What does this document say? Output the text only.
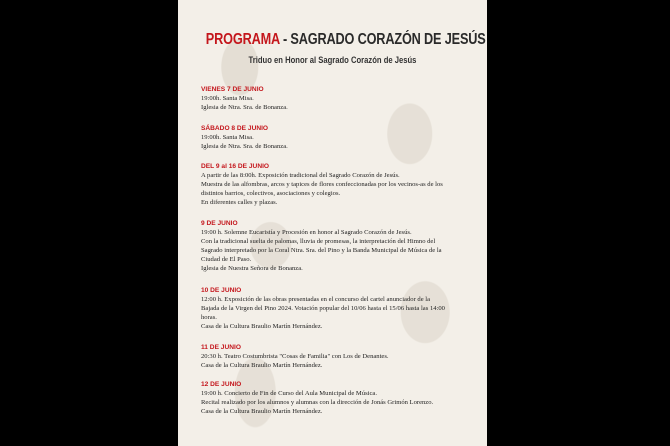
PROGRAMA - SAGRADO CORAZÓN DE JESÚS
Triduo en Honor al Sagrado Corazón de Jesús
VIENES 7 DE JUNIO
19:00h. Santa Misa.
Iglesia de Ntra. Sra. de Bonanza.
SÁBADO 8 DE JUNIO
19:00h. Santa Misa.
Iglesia de Ntra. Sra. de Bonanza.
DEL 9 al 16 DE JUNIO
A partir de las 8:00h. Exposición tradicional del Sagrado Corazón de Jesús.
Muestra de las alfombras, arcos y tapices de flores confeccionadas por los vecinos-as de los
distintos barrios, colectivos, asociaciones y colegios.
En diferentes calles y plazas.
9 DE JUNIO
19:00 h. Solemne Eucaristía y Procesión en honor al Sagrado Corazón de Jesús.
Con la tradicional suelta de palomas, lluvia de promesas, la interpretación del Himno del
Sagrado interpretado por la Coral Ntra. Sra. del Pino y la Banda Municipal de Música de la
Ciudad de El Paso.
Iglesia de Nuestra Señora de Bonanza.
10 DE JUNIO
12:00 h. Exposición de las obras presentadas en el concurso del cartel anunciador de la
Bajada de la Virgen del Pino 2024. Votación popular del 10/06 hasta el 15/06 hasta las 14:00
horas.
Casa de la Cultura Braulio Martín Hernández.
11 DE JUNIO
20:30 h. Teatro Costumbrista "Cosas de Familia" con Los de Denantes.
Casa de la Cultura Braulio Martín Hernández.
12 DE JUNIO
19:00 h. Concierto de Fin de Curso del Aula Municipal de Música.
Recital realizado por los alumnos y alumnas con la dirección de Jonás Grimón Lorenzo.
Casa de la Cultura Braulio Martín Hernández.
